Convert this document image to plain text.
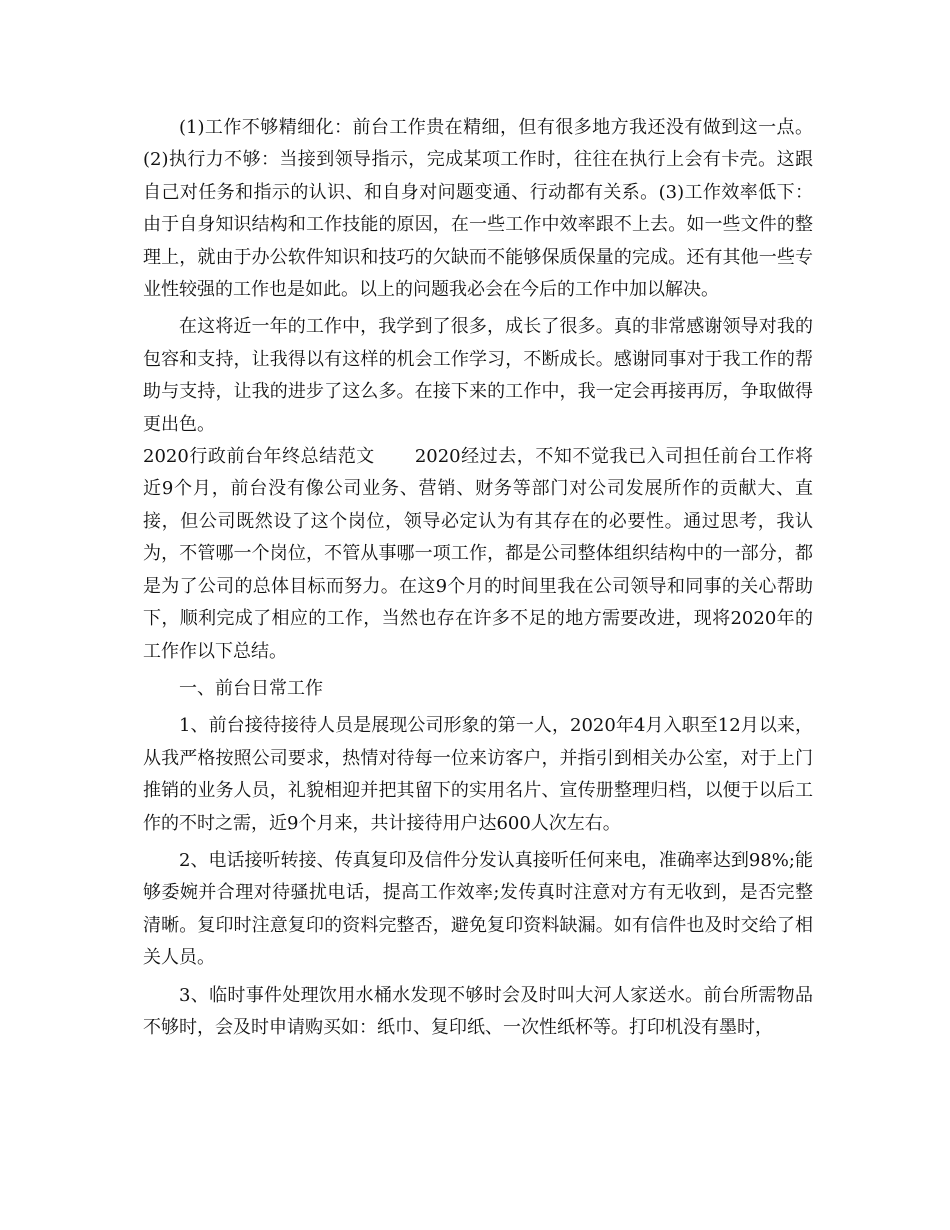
(1)工作不够精细化：前台工作贵在精细，但有很多地方我还没有做到这一点。(2)执行力不够：当接到领导指示，完成某项工作时，往往在执行上会有卡壳。这跟自己对任务和指示的认识、和自身对问题变通、行动都有关系。(3)工作效率低下：由于自身知识结构和工作技能的原因，在一些工作中效率跟不上去。如一些文件的整理上，就由于办公软件知识和技巧的欠缺而不能够保质保量的完成。还有其他一些专业性较强的工作也是如此。以上的问题我必会在今后的工作中加以解决。

在这将近一年的工作中，我学到了很多，成长了很多。真的非常感谢领导对我的包容和支持，让我得以有这样的机会工作学习，不断成长。感谢同事对于我工作的帮助与支持，让我的进步了这么多。在接下来的工作中，我一定会再接再厉，争取做得更出色。

2020行政前台年终总结范文 2020经过去，不知不觉我已入司担任前台工作将近9个月，前台没有像公司业务、营销、财务等部门对公司发展所作的贡献大、直接，但公司既然设了这个岗位，领导必定认为有其存在的必要性。通过思考，我认为，不管哪一个岗位，不管从事哪一项工作，都是公司整体组织结构中的一部分，都是为了公司的总体目标而努力。在这9个月的时间里我在公司领导和同事的关心帮助下，顺利完成了相应的工作，当然也存在许多不足的地方需要改进，现将2020年的工作作以下总结。

一、前台日常工作

1、前台接待接待人员是展现公司形象的第一人，2020年4月入职至12月以来，从我严格按照公司要求，热情对待每一位来访客户，并指引到相关办公室，对于上门推销的业务人员，礼貌相迎并把其留下的实用名片、宣传册整理归档，以便于以后工作的不时之需，近9个月来，共计接待用户达600人次左右。

2、电话接听转接、传真复印及信件分发认真接听任何来电，准确率达到98%;能够委婉并合理对待骚扰电话，提高工作效率;发传真时注意对方有无收到，是否完整清晰。复印时注意复印的资料完整否，避免复印资料缺漏。如有信件也及时交给了相关人员。

3、临时事件处理饮用水桶水发现不够时会及时叫大河人家送水。前台所需物品不够时，会及时申请购买如：纸巾、复印纸、一次性纸杯等。打印机没有墨时，
